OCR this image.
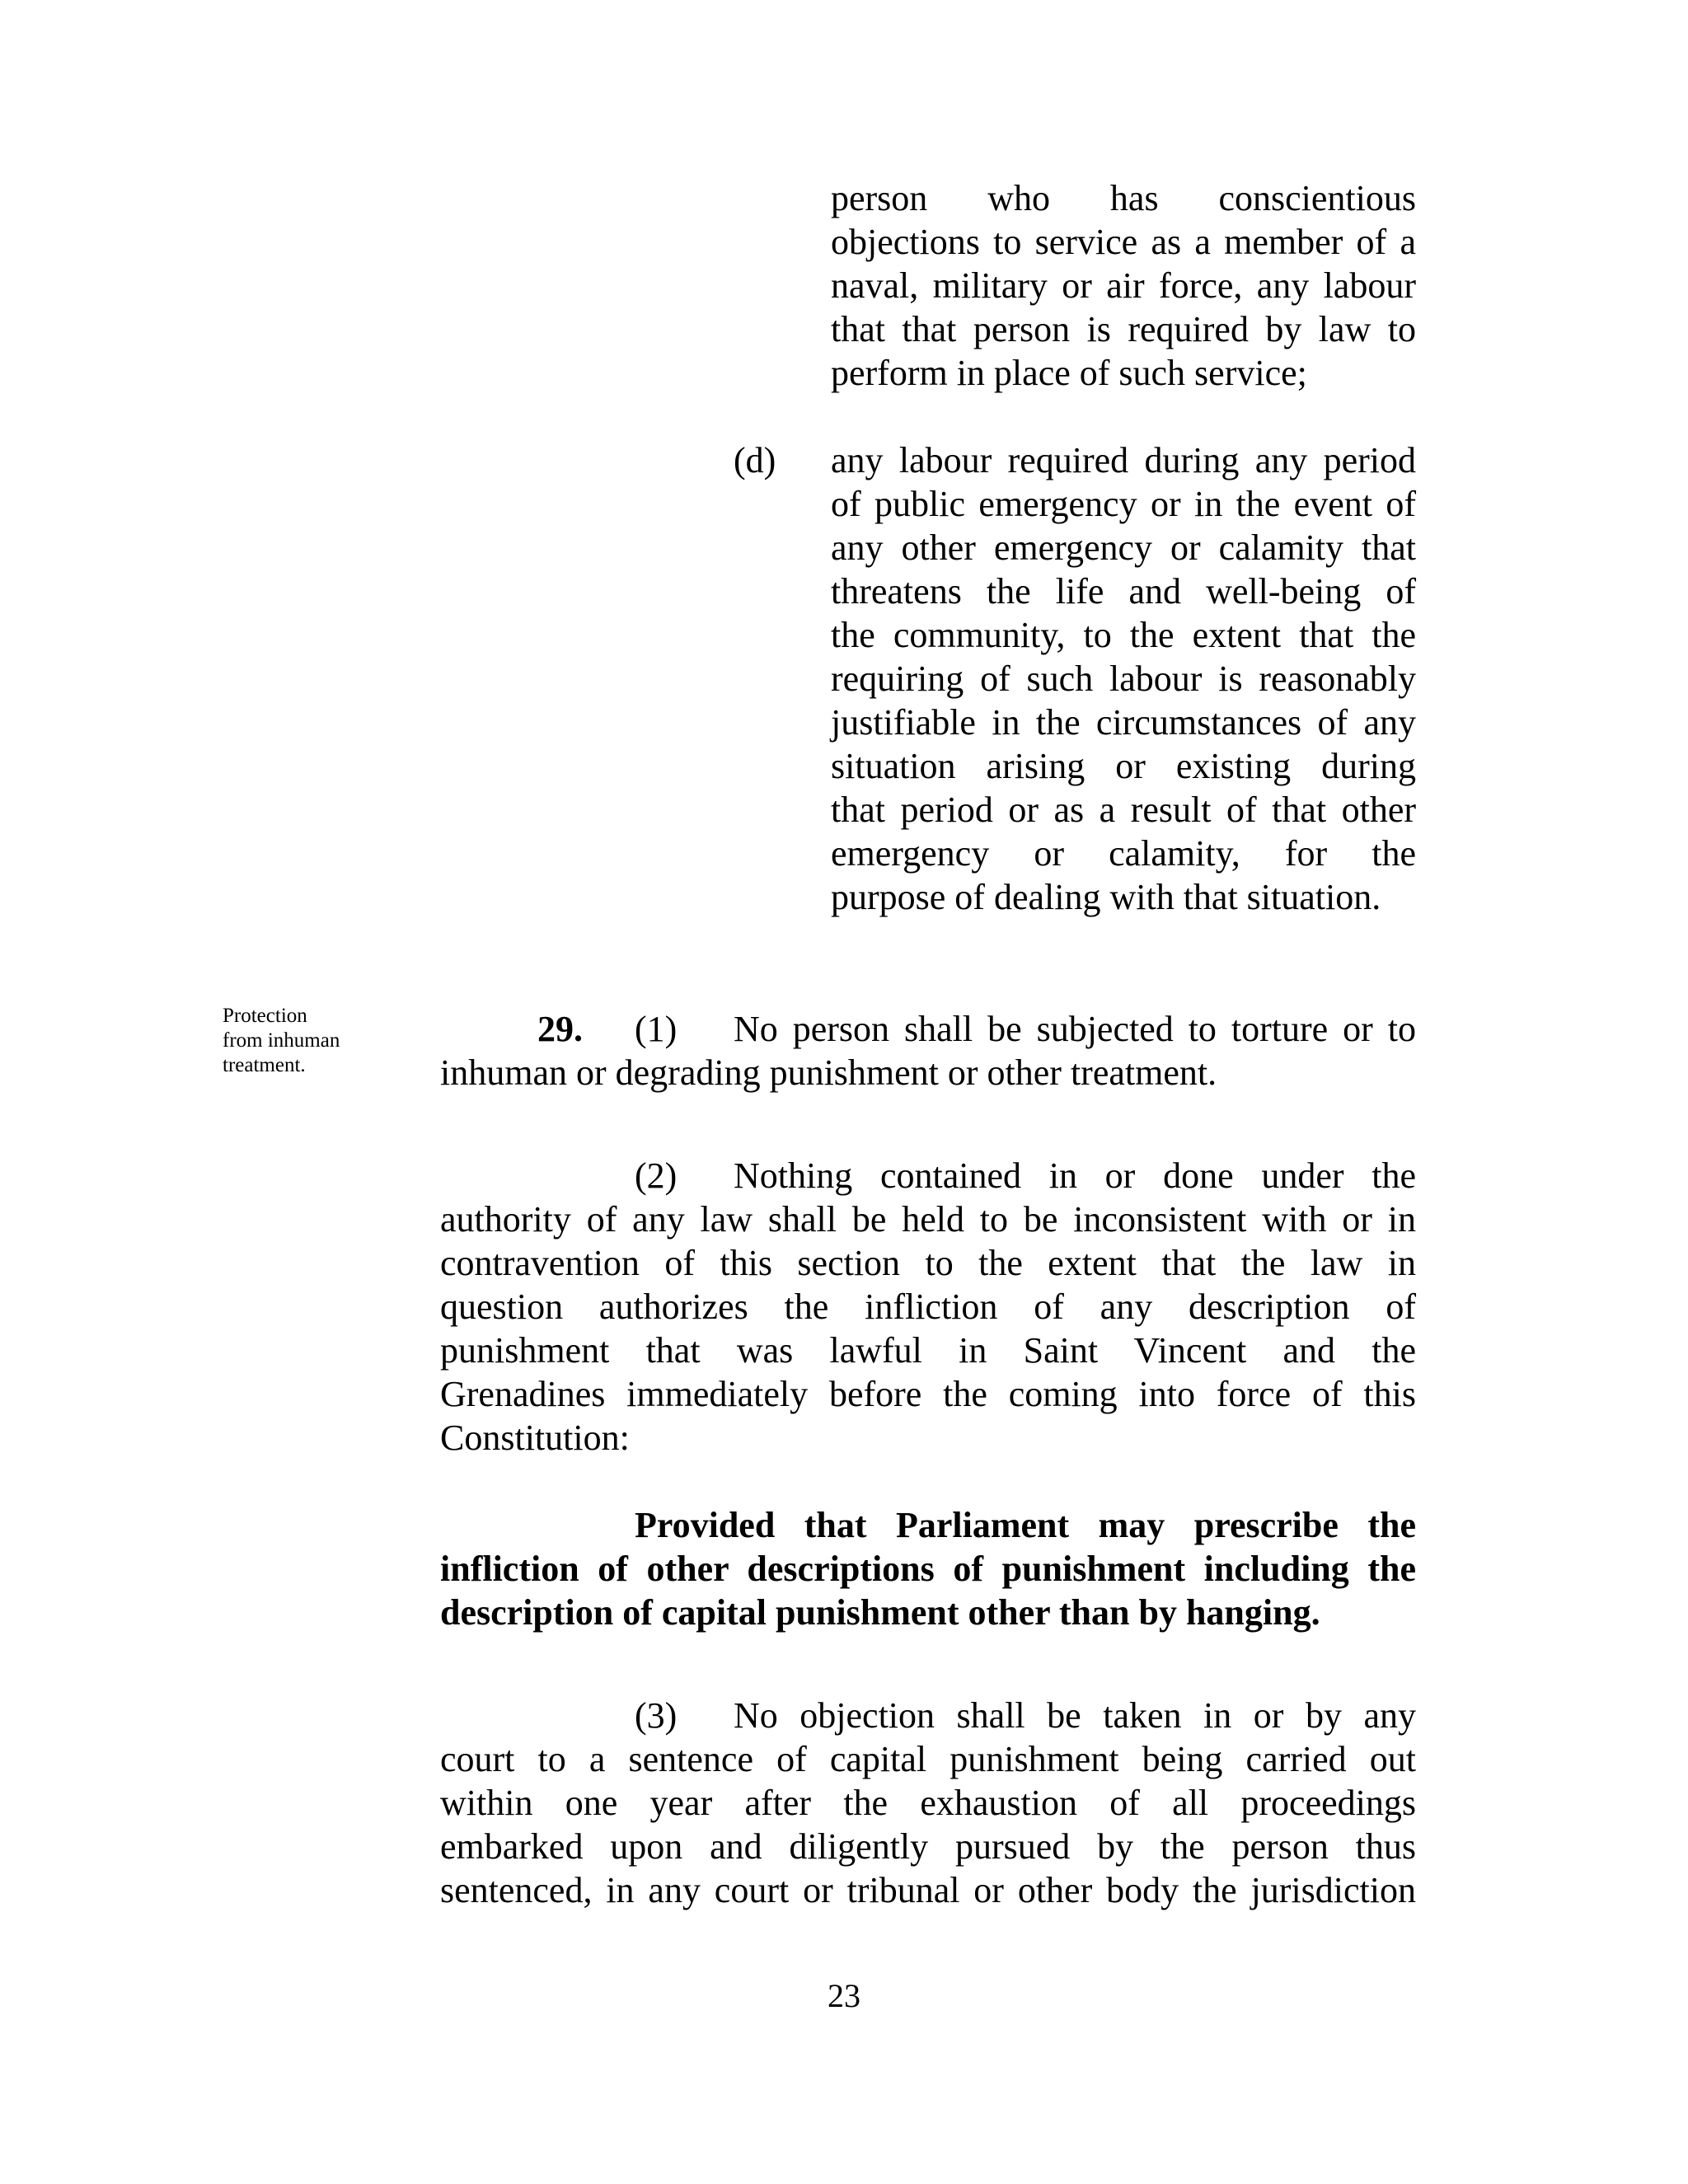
person who has conscientious
objections to service as a member of a
naval, military or air force, any labour
that that person is required by law to
perform in place of such service;
(d) any labour required during any period
of public emergency or in the event of
any other emergency or calamity that
threatens the life and well-being of
the community, to the extent that the
requiring of such labour is reasonably
justifiable in the circumstances of any
situation arising or existing during
that period or as a result of that other
emergency or calamity, for the
purpose of dealing with that situation.
Protection
from inhuman
treatment.
29. (1) No person shall be subjected to torture or to
inhuman or degrading punishment or other treatment.
(2) Nothing contained in or done under the
authority of any law shall be held to be inconsistent with or in
contravention of this section to the extent that the law in
question authorizes the infliction of any description of
punishment that was lawful in Saint Vincent and the
Grenadines immediately before the coming into force of this
Constitution:
Provided that Parliament may prescribe the
infliction of other descriptions of punishment including the
description of capital punishment other than by hanging.
(3) No objection shall be taken in or by any
court to a sentence of capital punishment being carried out
within one year after the exhaustion of all proceedings
embarked upon and diligently pursued by the person thus
sentenced, in any court or tribunal or other body the jurisdiction
23
